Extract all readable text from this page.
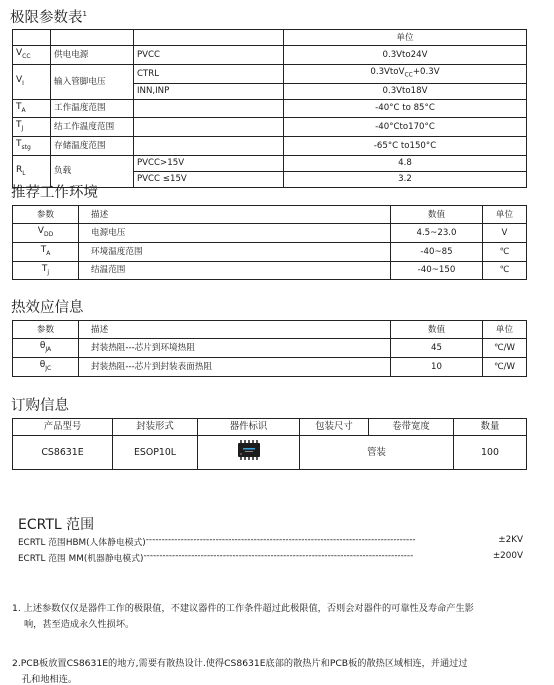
极限参数表$^1$
			单位
$V_{CC}$	供电电源	PVCC	0.3Vto24V
$V_I$	输入管脚电压	CTRL	0.3VtoV$_{CC}$+0.3V
		INN,INP	0.3Vto18V
$T_A$	工作温度范围		-40°C to 85°C
$T_J$	结工作温度范围		-40°Cto170°C
$T_{stg}$	存储温度范围		-65°C to150°C
$R_L$	负载	PVCC>15V	4.8
		PVCC ≤15V	3.2
推荐工作环境
参数	描述	数值	单位
$V_{DD}$	电源电压	4.5~23.0	V
$T_A$	环境温度范围	-40~85	℃
$T_j$	结温范围	-40~150	℃
热效应信息
参数	描述	数值	单位
$\theta_{JA}$	封装热阻---芯片到环境热阻	45	℃/W
$\theta_{JC}$	封装热阻---芯片到封装表面热阻	10	℃/W
订购信息
产品型号	封装形式	器件标识	包装尺寸	卷带宽度	数量
CS8631E	ESOP10L		管装		100
ECRTL 范围
ECRTL 范围HBM(人体静电模式)-------------------------------------------------------------------------------------	±2KV
ECRTL 范围 MM(机器静电模式)-------------------------------------------------------------------------------------	±200V
1. 上述参数仅仅是器件工作的极限值，不建议器件的工作条件超过此极限值，否则会对器件的可靠性及寿命产生影
响，甚至造成永久性损坏。
2.PCB板放置CS8631E的地方,需要有散热设计.使得CS8631E底部的散热片和PCB板的散热区域相连，并通过过
孔和地相连。
